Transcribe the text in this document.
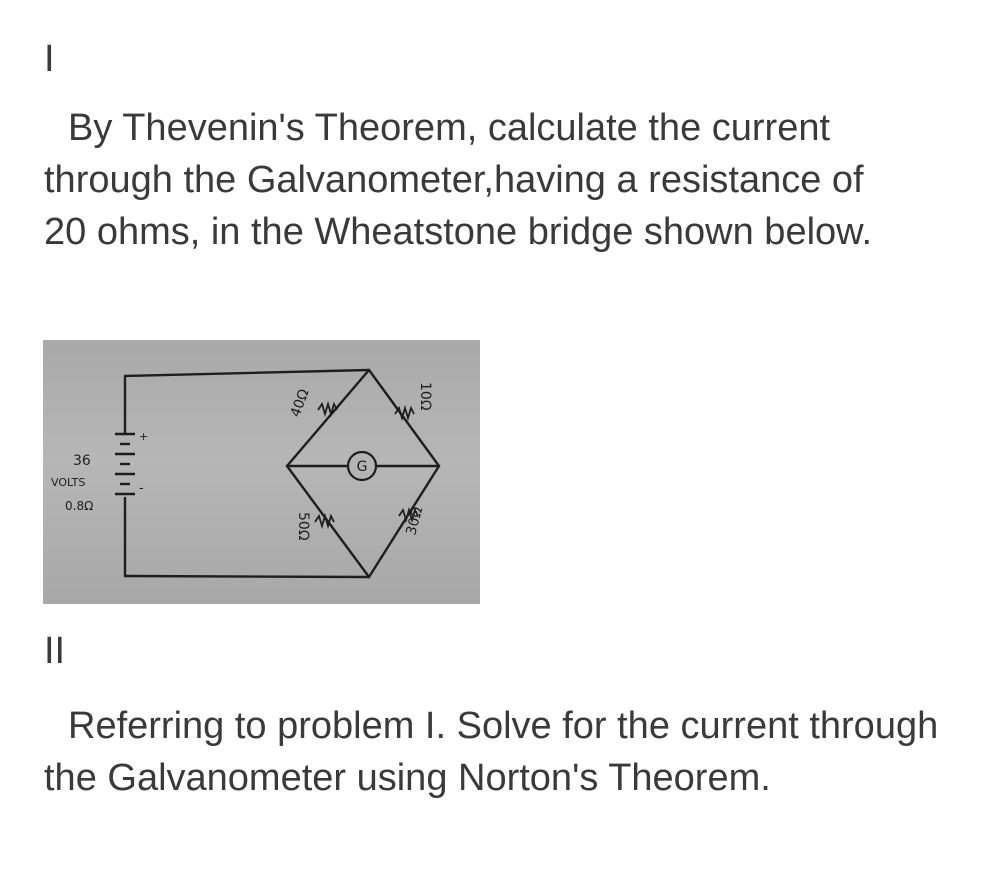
I
By Thevenin's Theorem, calculate the current through the Galvanometer,having a resistance of 20 ohms, in the Wheatstone bridge shown below.
+
-
36
VOLTS
0.8Ω
40Ω	10Ω
50Ω	30Ω
G
II
Referring to problem I. Solve for the current through the Galvanometer using Norton's Theorem.
